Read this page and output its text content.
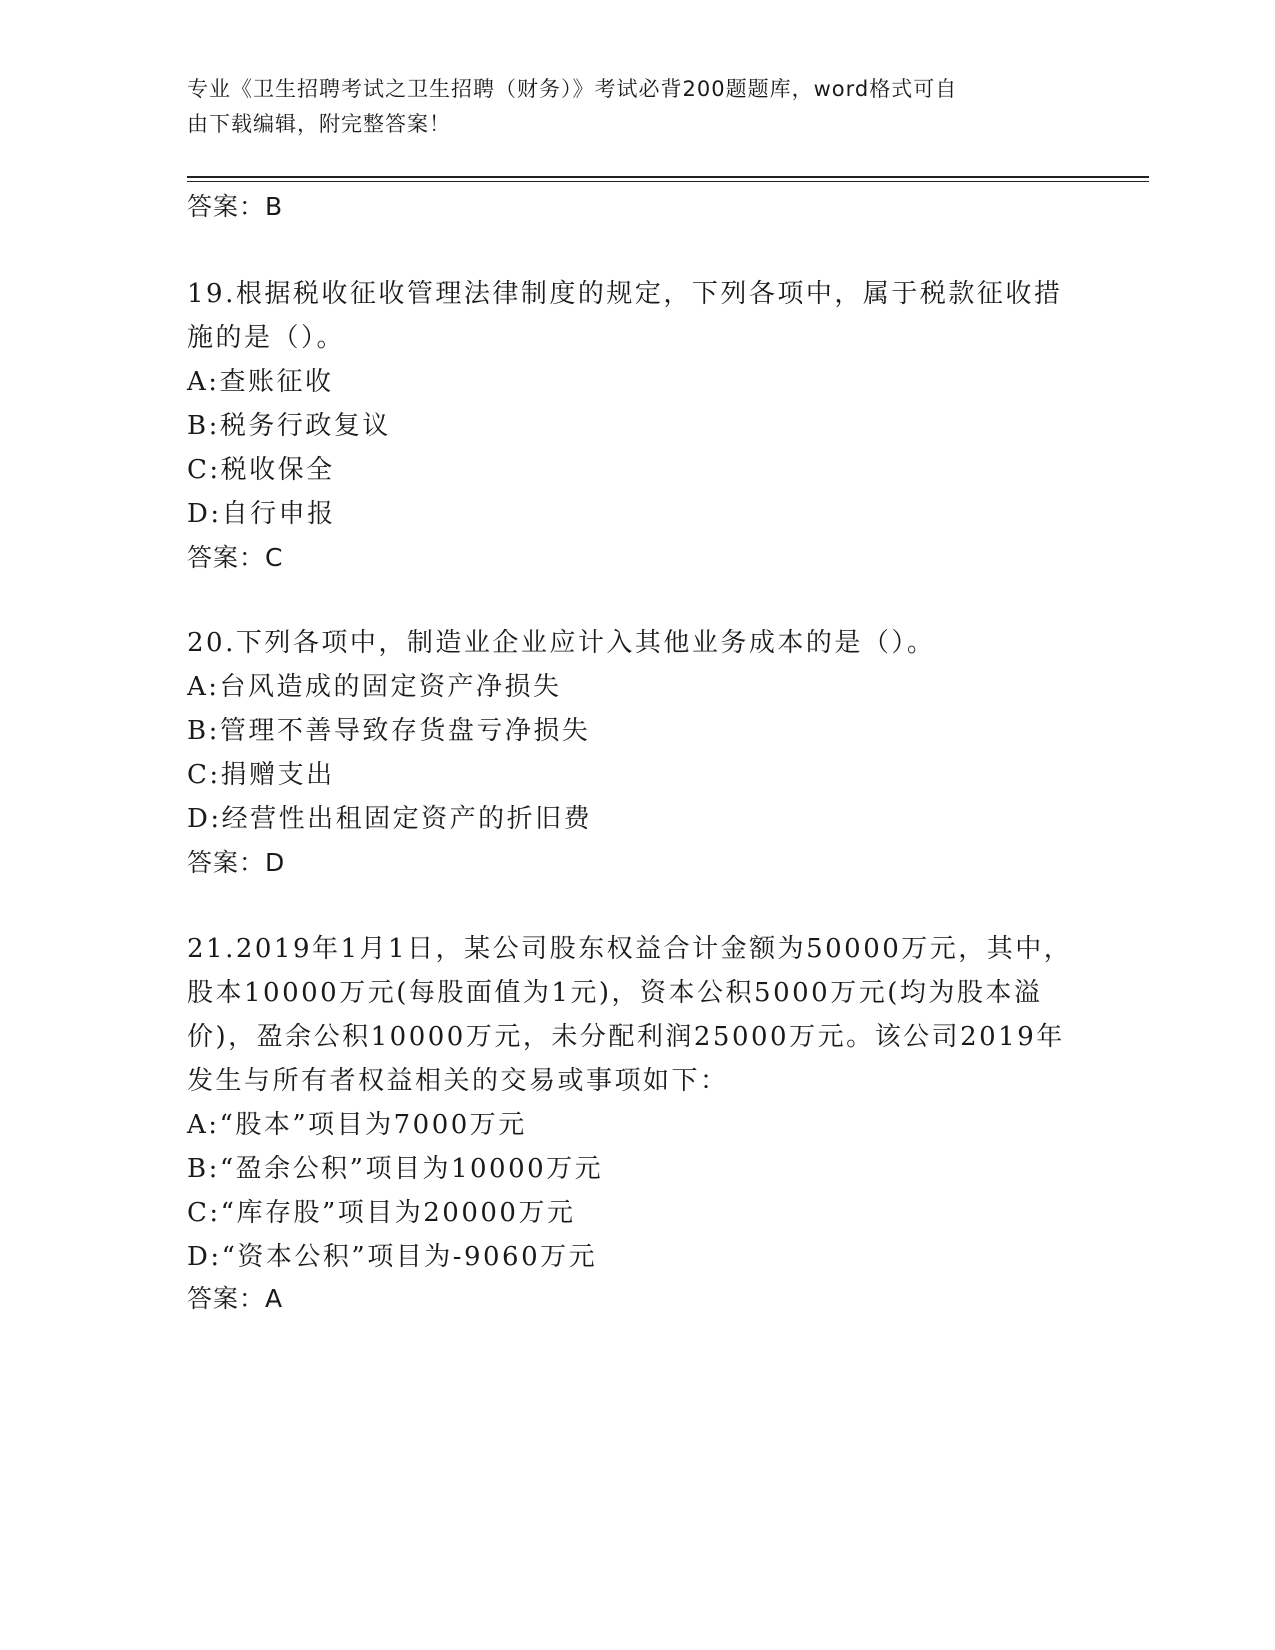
专业《卫生招聘考试之卫生招聘（财务）》考试必背200题题库，word格式可自
由下载编辑，附完整答案！
答案：B
19.根据税收征收管理法律制度的规定，下列各项中，属于税款征收措
施的是（）。
A:查账征收
B:税务行政复议
C:税收保全
D:自行申报
答案：C
20.下列各项中，制造业企业应计入其他业务成本的是（）。
A:台风造成的固定资产净损失
B:管理不善导致存货盘亏净损失
C:捐赠支出
D:经营性出租固定资产的折旧费
答案：D
21.2019年1月1日，某公司股东权益合计金额为50000万元，其中，
股本10000万元(每股面值为1元)，资本公积5000万元(均为股本溢
价)，盈余公积10000万元，未分配利润25000万元。该公司2019年
发生与所有者权益相关的交易或事项如下：
A:“股本”项目为7000万元
B:“盈余公积”项目为10000万元
C:“库存股”项目为20000万元
D:“资本公积”项目为-9060万元
答案：A
